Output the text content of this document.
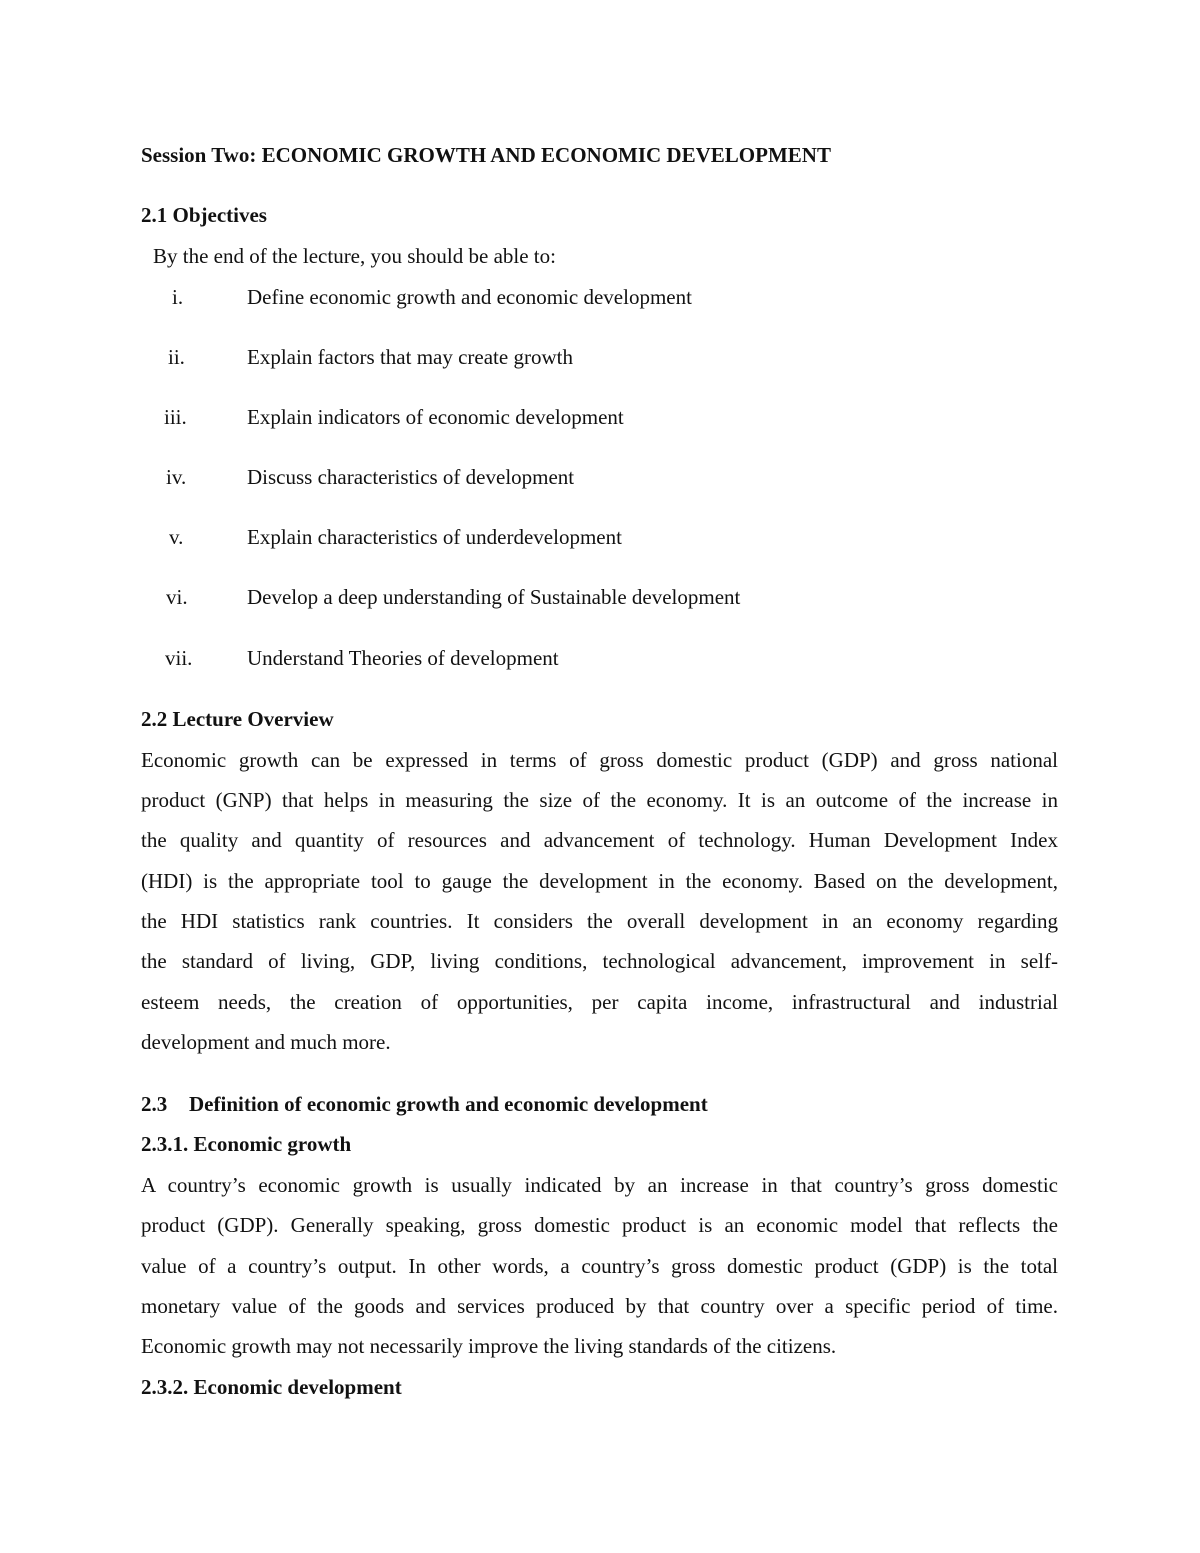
Session Two: ECONOMIC GROWTH AND ECONOMIC DEVELOPMENT
2.1 Objectives
By the end of the lecture, you should be able to:
i.	Define economic growth and economic development
ii.	Explain factors that may create growth
iii.	Explain indicators of economic development
iv.	Discuss characteristics of development
v.	Explain characteristics of underdevelopment
vi.	Develop a deep understanding of Sustainable development
vii.	Understand Theories of development
2.2 Lecture Overview
Economic growth can be expressed in terms of gross domestic product (GDP) and gross national
product (GNP) that helps in measuring the size of the economy. It is an outcome of the increase in
the quality and quantity of resources and advancement of technology. Human Development Index
(HDI) is the appropriate tool to gauge the development in the economy. Based on the development,
the HDI statistics rank countries. It considers the overall development in an economy regarding
the standard of living, GDP, living conditions, technological advancement, improvement in self-
esteem needs, the creation of opportunities, per capita income, infrastructural and industrial
development and much more.
2.3 Definition of economic growth and economic development
2.3.1. Economic growth
A country’s economic growth is usually indicated by an increase in that country’s gross domestic
product (GDP). Generally speaking, gross domestic product is an economic model that reflects the
value of a country’s output. In other words, a country’s gross domestic product (GDP) is the total
monetary value of the goods and services produced by that country over a specific period of time.
Economic growth may not necessarily improve the living standards of the citizens.
2.3.2. Economic development
